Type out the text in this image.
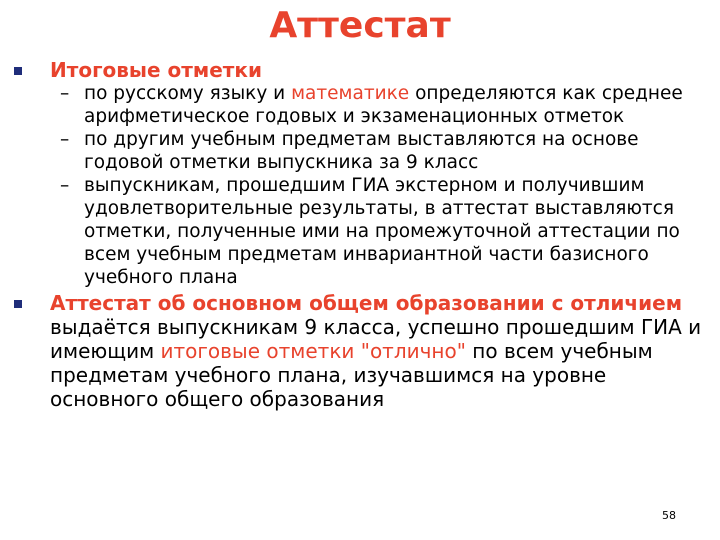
Аттестат
Итоговые отметки
– по русскому языку и математике определяются как среднее арифметическое годовых и экзаменационных отметок
– по другим учебным предметам выставляются на основе годовой отметки выпускника за 9 класс
– выпускникам, прошедшим ГИА экстерном и получившим удовлетворительные результаты, в аттестат выставляются отметки, полученные ими на промежуточной аттестации по всем учебным предметам инвариантной части базисного учебного плана
Аттестат об основном общем образовании с отличием выдаётся выпускникам 9 класса, успешно прошедшим ГИА и имеющим итоговые отметки "отлично" по всем учебным предметам учебного плана, изучавшимся на уровне основного общего образования
58
